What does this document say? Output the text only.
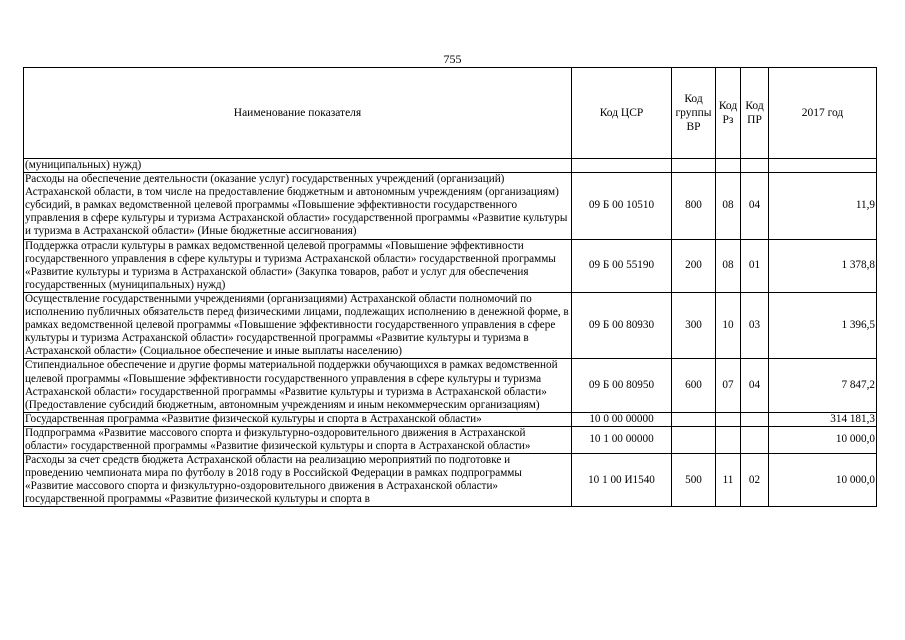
755
Наименование показателя	Код ЦСР	Код группы ВР	Код Рз	Код ПР	2017 год
(муниципальных) нужд)					
Расходы на обеспечение деятельности (оказание услуг) государственных учреждений (организаций) Астраханской области, в том числе на предоставление бюджетным и автономным учреждениям (организациям) субсидий, в рамках ведомственной целевой программы «Повышение эффективности государственного управления в сфере культуры и туризма Астраханской области» государственной программы «Развитие культуры и туризма в Астраханской области» (Иные бюджетные ассигнования)	09 Б 00 10510	800	08	04	11,9
Поддержка отрасли культуры в рамках ведомственной целевой программы «Повышение эффективности государственного управления в сфере культуры и туризма Астраханской области» государственной программы «Развитие культуры и туризма в Астраханской области» (Закупка товаров, работ и услуг для обеспечения государственных (муниципальных) нужд)	09 Б 00 55190	200	08	01	1 378,8
Осуществление государственными учреждениями (организациями) Астраханской области полномочий по исполнению публичных обязательств перед физическими лицами, подлежащих исполнению в денежной форме, в рамках ведомственной целевой программы «Повышение эффективности государственного управления в сфере культуры и туризма Астраханской области» государственной программы «Развитие культуры и туризма в Астраханской области» (Социальное обеспечение и иные выплаты населению)	09 Б 00 80930	300	10	03	1 396,5
Стипендиальное обеспечение и другие формы материальной поддержки обучающихся в рамках ведомственной целевой программы «Повышение эффективности государственного управления в сфере культуры и туризма Астраханской области» государственной программы «Развитие культуры и туризма в Астраханской области» (Предоставление субсидий бюджетным, автономным учреждениям и иным некоммерческим организациям)	09 Б 00 80950	600	07	04	7 847,2
Государственная программа «Развитие физической культуры и спорта в Астраханской области»	10 0 00 00000				314 181,3
Подпрограмма «Развитие массового спорта и физкультурно-оздоровительного движения в Астраханской области» государственной программы «Развитие физической культуры и спорта в Астраханской области»	10 1 00 00000				10 000,0
Расходы за счет средств бюджета Астраханской области на реализацию мероприятий по подготовке и проведению чемпионата мира по футболу в 2018 году в Российской Федерации в рамках подпрограммы «Развитие массового спорта и физкультурно-оздоровительного движения в Астраханской области» государственной программы «Развитие физической культуры и спорта в	10 1 00 И1540	500	11	02	10 000,0
